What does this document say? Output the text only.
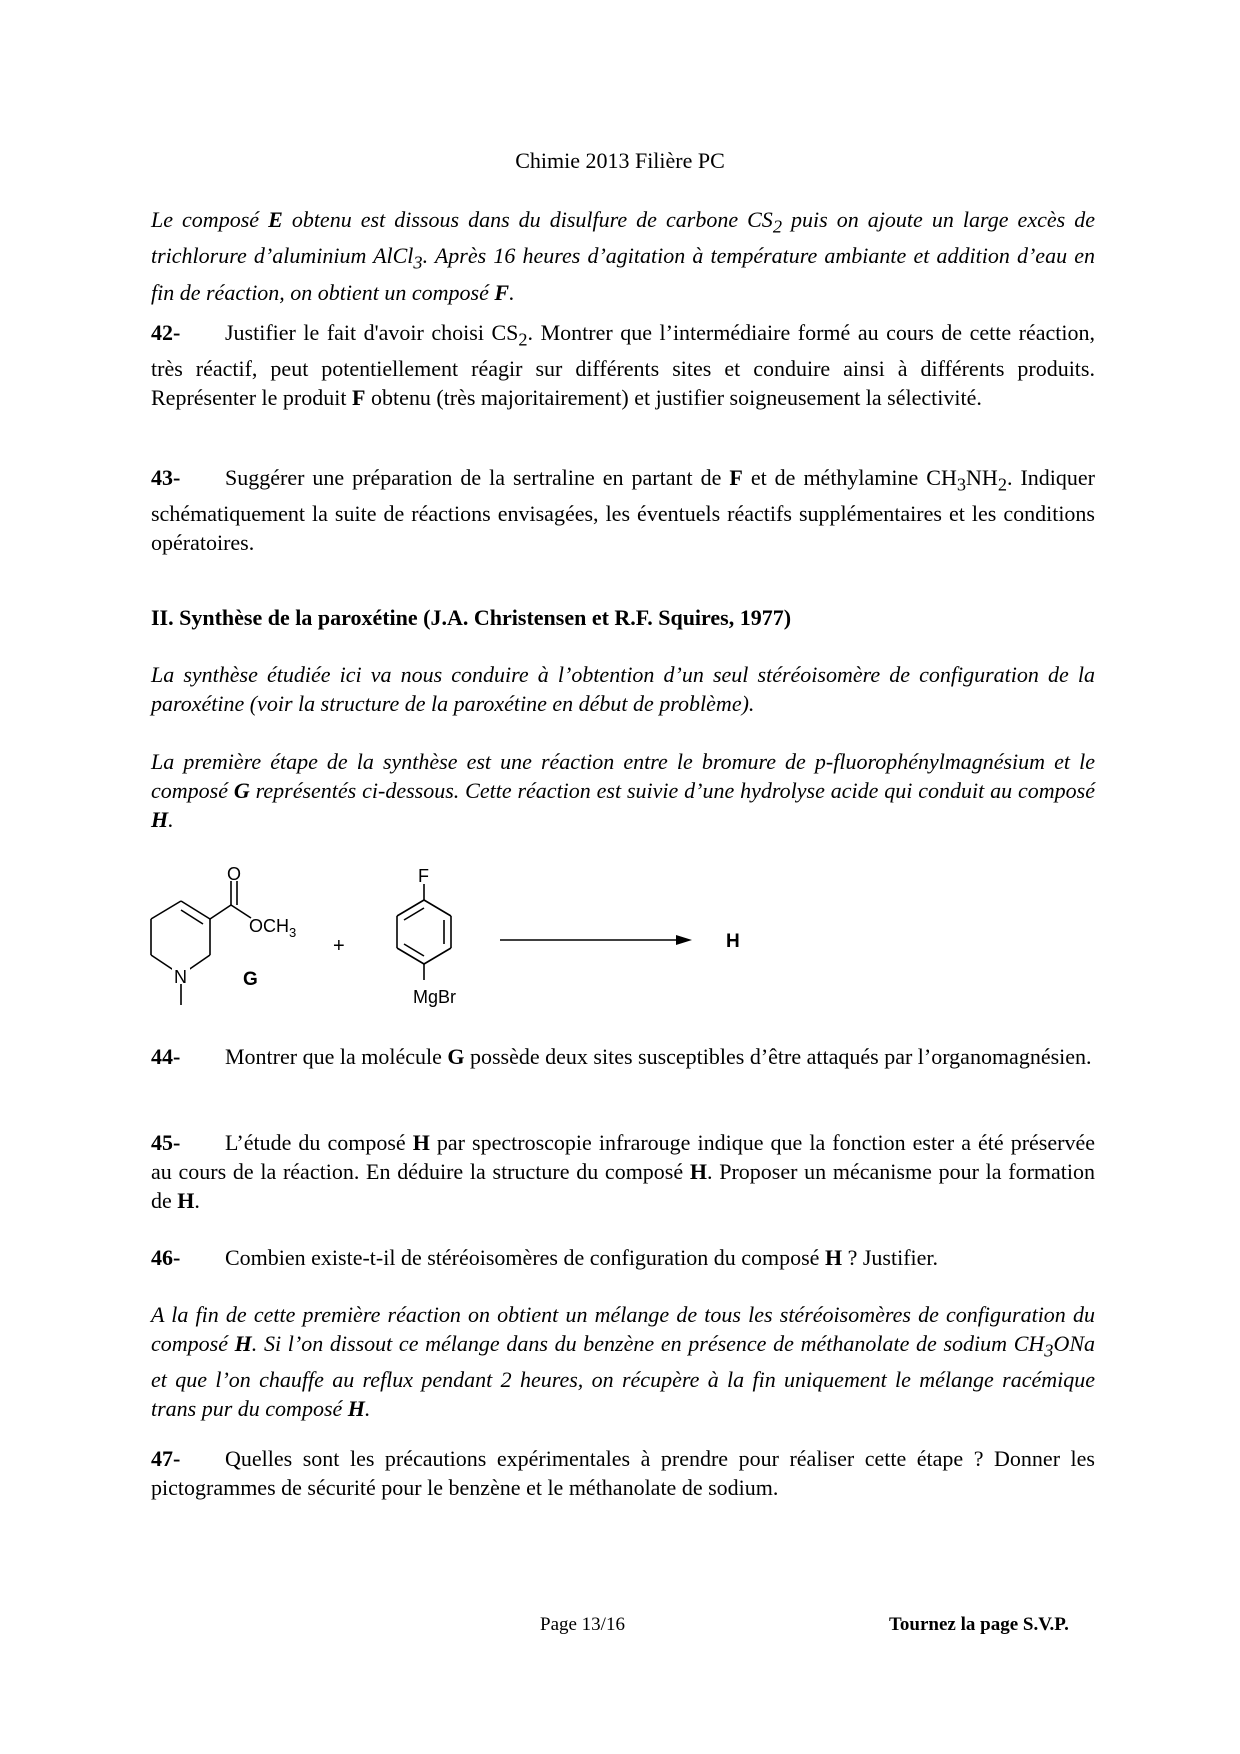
Chimie 2013 Filière PC
Le composé E obtenu est dissous dans du disulfure de carbone $CS_2$ puis on ajoute un large excès de trichlorure d’aluminium AlCl$_3$. Après 16 heures d’agitation à température ambiante et addition d’eau en fin de réaction, on obtient un composé F.
42- Justifier le fait d'avoir choisi $CS_2$. Montrer que l’intermédiaire formé au cours de cette réaction, très réactif, peut potentiellement réagir sur différents sites et conduire ainsi à différents produits. Représenter le produit F obtenu (très majoritairement) et justifier soigneusement la sélectivité.
43- Suggérer une préparation de la sertraline en partant de F et de méthylamine $CH_3NH_2$. Indiquer schématiquement la suite de réactions envisagées, les éventuels réactifs supplémentaires et les conditions opératoires.
II. Synthèse de la paroxétine (J.A. Christensen et R.F. Squires, 1977)
La synthèse étudiée ici va nous conduire à l’obtention d’un seul stéréoisomère de configuration de la paroxétine (voir la structure de la paroxétine en début de problème).
La première étape de la synthèse est une réaction entre le bromure de p-fluorophénylmagnésium et le composé G représentés ci-dessous. Cette réaction est suivie d’une hydrolyse acide qui conduit au composé H.
O
$OCH_3$
N	G
+
F
MgBr
H
44- Montrer que la molécule G possède deux sites susceptibles d’être attaqués par l’organomagnésien.
45- L’étude du composé H par spectroscopie infrarouge indique que la fonction ester a été préservée au cours de la réaction. En déduire la structure du composé H. Proposer un mécanisme pour la formation de H.
46- Combien existe-t-il de stéréoisomères de configuration du composé H ? Justifier.
A la fin de cette première réaction on obtient un mélange de tous les stéréoisomères de configuration du composé H. Si l’on dissout ce mélange dans du benzène en présence de méthanolate de sodium $CH_3ONa$ et que l’on chauffe au reflux pendant 2 heures, on récupère à la fin uniquement le mélange racémique trans pur du composé H.
47- Quelles sont les précautions expérimentales à prendre pour réaliser cette étape ? Donner les pictogrammes de sécurité pour le benzène et le méthanolate de sodium.
Page 13/16	Tournez la page S.V.P.
